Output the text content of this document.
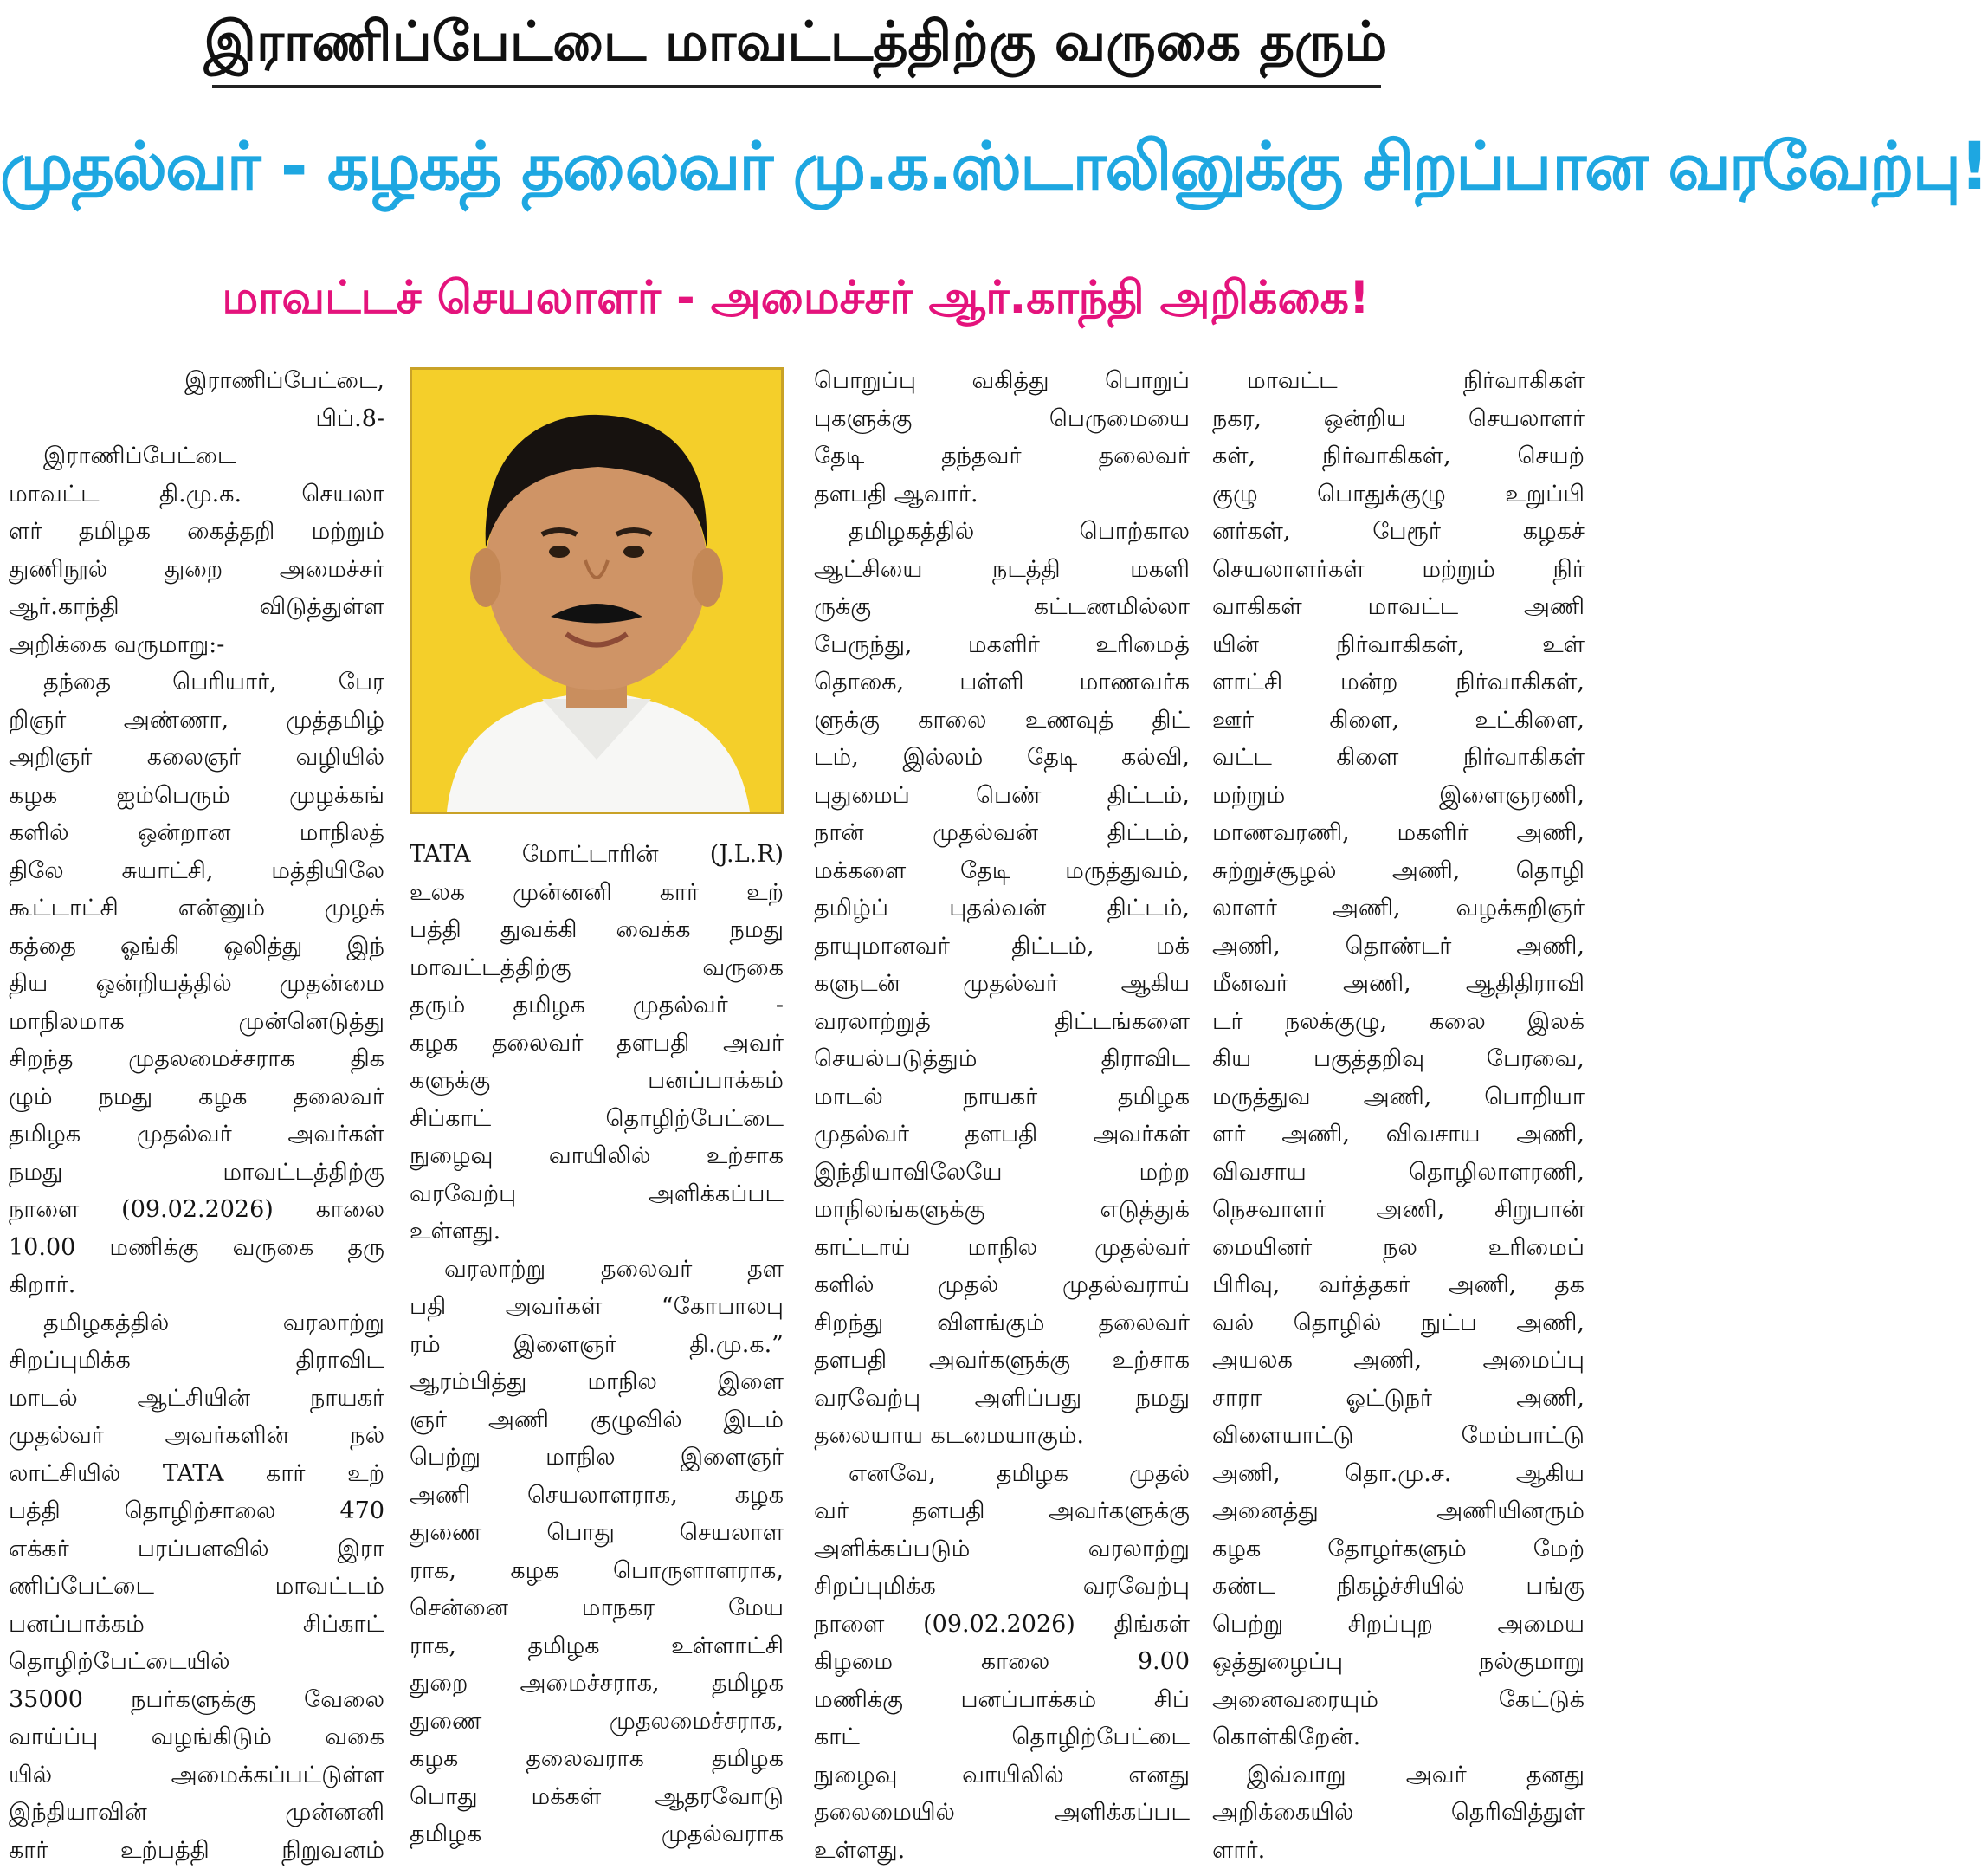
இராணிப்பேட்டை மாவட்டத்திற்கு வருகை தரும்
முதல்வர் - கழகத் தலைவர் மு.க.ஸ்டாலினுக்கு சிறப்பான வரவேற்பு!
மாவட்டச் செயலாளர் - அமைச்சர் ஆர்.காந்தி அறிக்கை!
இராணிப்பேட்டை,
பிப்.8-
இராணிப்பேட்டை
மாவட்ட தி.மு.க. செயலா
ளர் தமிழக கைத்தறி மற்றும்
துணிநூல் துறை அமைச்சர்
ஆர்.காந்தி விடுத்துள்ள
அறிக்கை வருமாறு:-
தந்தை பெரியார், பேர
றிஞர் அண்ணா, முத்தமிழ்
அறிஞர் கலைஞர் வழியில்
கழக ஐம்பெரும் முழக்கங்
களில் ஒன்றான மாநிலத்
திலே சுயாட்சி, மத்தியிலே
கூட்டாட்சி என்னும் முழக்
கத்தை ஓங்கி ஒலித்து இந்
திய ஒன்றியத்தில் முதன்மை
மாநிலமாக முன்னெடுத்து
சிறந்த முதலமைச்சராக திக
ழும் நமது கழக தலைவர்
தமிழக முதல்வர் அவர்கள்
நமது மாவட்டத்திற்கு
நாளை (09.02.2026) காலை
10.00 மணிக்கு வருகை தரு
கிறார்.
தமிழகத்தில் வரலாற்று
சிறப்புமிக்க திராவிட
மாடல் ஆட்சியின் நாயகர்
முதல்வர் அவர்களின் நல்
லாட்சியில் TATA கார் உற்
பத்தி தொழிற்சாலை 470
எக்கர் பரப்பளவில் இரா
ணிப்பேட்டை மாவட்டம்
பனப்பாக்கம் சிப்காட்
தொழிற்பேட்டையில்
35000 நபர்களுக்கு வேலை
வாய்ப்பு வழங்கிடும் வகை
யில் அமைக்கப்பட்டுள்ள
இந்தியாவின் முன்னனி
கார் உற்பத்தி நிறுவனம்
TATA மோட்டாரின் (J.L.R)
உலக முன்னனி கார் உற்
பத்தி துவக்கி வைக்க நமது
மாவட்டத்திற்கு வருகை
தரும் தமிழக முதல்வர் -
கழக தலைவர் தளபதி அவர்
களுக்கு பனப்பாக்கம்
சிப்காட் தொழிற்பேட்டை
நுழைவு வாயிலில் உற்சாக
வரவேற்பு அளிக்கப்பட
உள்ளது.
வரலாற்று தலைவர் தள
பதி அவர்கள் “கோபாலபு
ரம் இளைஞர் தி.மு.க.”
ஆரம்பித்து மாநில இளை
ஞர் அணி குழுவில் இடம்
பெற்று மாநில இளைஞர்
அணி செயலாளராக, கழக
துணை பொது செயலாள
ராக, கழக பொருளாளராக,
சென்னை மாநகர மேய
ராக, தமிழக உள்ளாட்சி
துறை அமைச்சராக, தமிழக
துணை முதலமைச்சராக,
கழக தலைவராக தமிழக
பொது மக்கள் ஆதரவோடு
தமிழக முதல்வராக
பொறுப்பு வகித்து பொறுப்
புகளுக்கு பெருமையை
தேடி தந்தவர் தலைவர்
தளபதி ஆவார்.
தமிழகத்தில் பொற்கால
ஆட்சியை நடத்தி மகளி
ருக்கு கட்டணமில்லா
பேருந்து, மகளிர் உரிமைத்
தொகை, பள்ளி மாணவர்க
ளுக்கு காலை உணவுத் திட்
டம், இல்லம் தேடி கல்வி,
புதுமைப் பெண் திட்டம்,
நான் முதல்வன் திட்டம்,
மக்களை தேடி மருத்துவம்,
தமிழ்ப் புதல்வன் திட்டம்,
தாயுமானவர் திட்டம், மக்
களுடன் முதல்வர் ஆகிய
வரலாற்றுத் திட்டங்களை
செயல்படுத்தும் திராவிட
மாடல் நாயகர் தமிழக
முதல்வர் தளபதி அவர்கள்
இந்தியாவிலேயே மற்ற
மாநிலங்களுக்கு எடுத்துக்
காட்டாய் மாநில முதல்வர்
களில் முதல் முதல்வராய்
சிறந்து விளங்கும் தலைவர்
தளபதி அவர்களுக்கு உற்சாக
வரவேற்பு அளிப்பது நமது
தலையாய கடமையாகும்.
எனவே, தமிழக முதல்
வர் தளபதி அவர்களுக்கு
அளிக்கப்படும் வரலாற்று
சிறப்புமிக்க வரவேற்பு
நாளை (09.02.2026) திங்கள்
கிழமை காலை 9.00
மணிக்கு பனப்பாக்கம் சிப்
காட் தொழிற்பேட்டை
நுழைவு வாயிலில் எனது
தலைமையில் அளிக்கப்பட
உள்ளது.
மாவட்ட நிர்வாகிகள்
நகர, ஒன்றிய செயலாளர்
கள், நிர்வாகிகள், செயற்
குழு பொதுக்குழு உறுப்பி
னர்கள், பேரூர் கழகச்
செயலாளர்கள் மற்றும் நிர்
வாகிகள் மாவட்ட அணி
யின் நிர்வாகிகள், உள்
ளாட்சி மன்ற நிர்வாகிகள்,
ஊர் கிளை, உட்கிளை,
வட்ட கிளை நிர்வாகிகள்
மற்றும் இளைஞரணி,
மாணவரணி, மகளிர் அணி,
சுற்றுச்சூழல் அணி, தொழி
லாளர் அணி, வழக்கறிஞர்
அணி, தொண்டர் அணி,
மீனவர் அணி, ஆதிதிராவி
டர் நலக்குழு, கலை இலக்
கிய பகுத்தறிவு பேரவை,
மருத்துவ அணி, பொறியா
ளர் அணி, விவசாய அணி,
விவசாய தொழிலாளரணி,
நெசவாளர் அணி, சிறுபான்
மையினர் நல உரிமைப்
பிரிவு, வர்த்தகர் அணி, தக
வல் தொழில் நுட்ப அணி,
அயலக அணி, அமைப்பு
சாரா ஓட்டுநர் அணி,
விளையாட்டு மேம்பாட்டு
அணி, தொ.மு.ச. ஆகிய
அனைத்து அணியினரும்
கழக தோழர்களும் மேற்
கண்ட நிகழ்ச்சியில் பங்கு
பெற்று சிறப்புற அமைய
ஒத்துழைப்பு நல்குமாறு
அனைவரையும் கேட்டுக்
கொள்கிறேன்.
இவ்வாறு அவர் தனது
அறிக்கையில் தெரிவித்துள்
ளார்.
